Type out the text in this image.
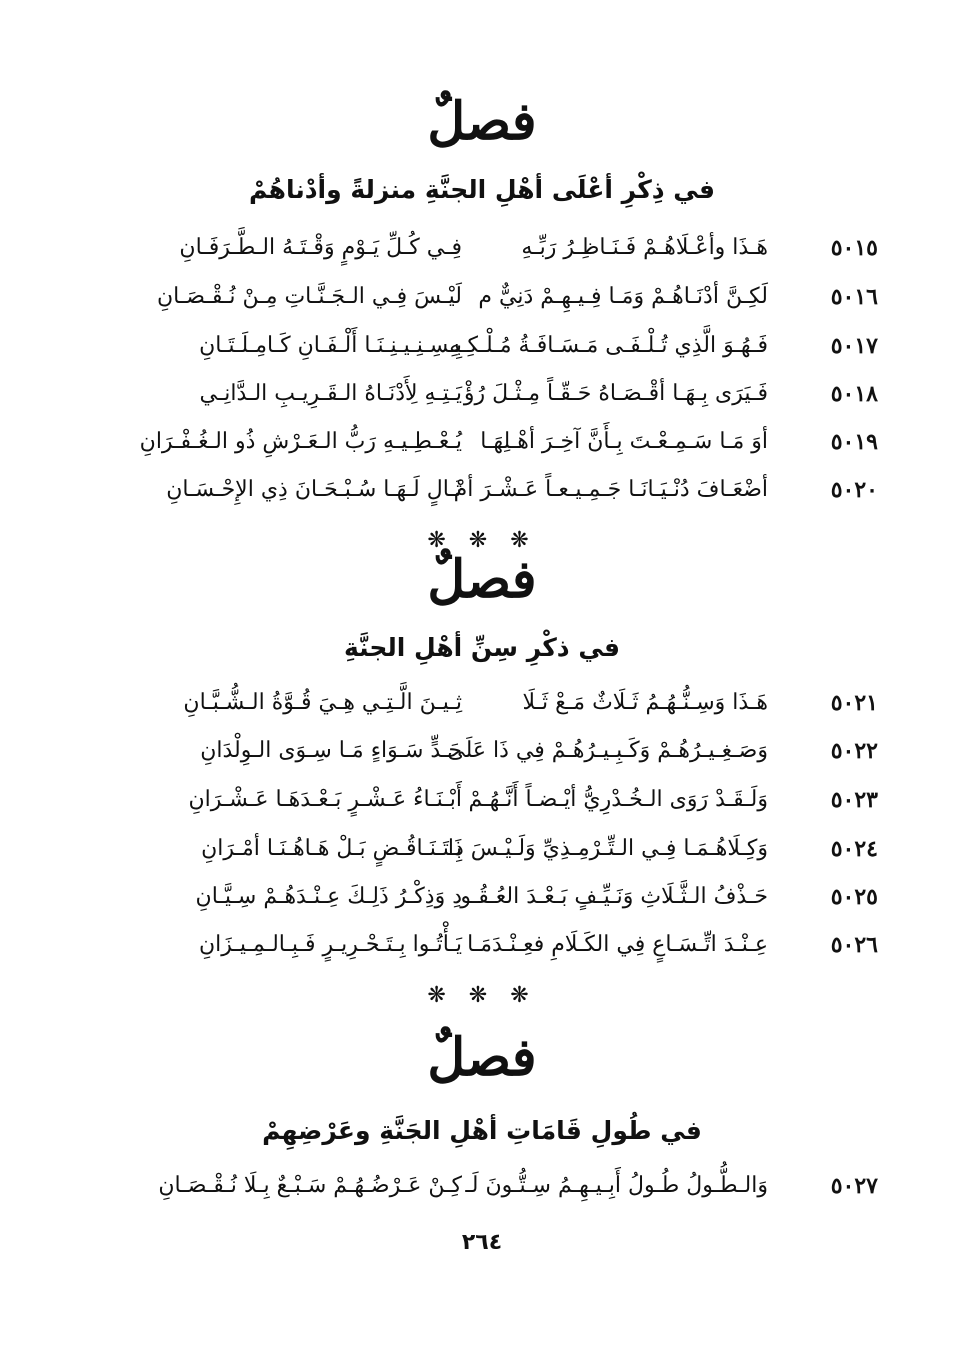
فصلٌ
في ذِكْرِ أعْلَى أهْلِ الجنَّةِ منزلةً وأدْناهُمْ
٥٠١٥
هَـذَا وأعْـلَاهُـمْ فَـنَـاظِـرُ رَبِّـهِ
فِـي كُـلِّ يَـوْمٍ وَقْـتَـهُ الـطَّـرَفَـانِ
٥٠١٦
لَكِـنَّ أدْنَـاهُـمْ وَمَـا فِـيـهِـمْ دَنِيٌّ م
لَيْـسَ فِـي الـجَـنَّـاتِ مِـنْ نُـقْـصَـانِ
٥٠١٧
فَـهُـوَ الَّذِي تُـلْـفَـى مَـسَـافَـةُ مُـلْـكِـهِ
بِـسِـنِـيـنِـنَـا أَلْـفَـانِ كَـامِـلَـتَـانِ
٥٠١٨
فَـيَرَى بِـهَـا أقْـصَـاهُ حَـقّـاً مِـثْـلَ رُؤْ
يَـتِـهِ لِأَدْنَـاهُ الـقَـرِيـبِ الـدَّانِـي
٥٠١٩
أوَ مَـا سَـمِـعْـتَ بِـأَنَّ آخِـرَ أهْـلِهَـا
يُـعْـطِـيـهِ رَبُّ الـعَـرْشِ ذُو الـغُـفْـرَانِ
٥٠٢٠
أضْعَـافَ دُنْـيَـانَـا جَـمِـيـعـاً عَـشْـرَ أمْ
ثَـالٍ لَـهَـا سُـبْـحَـانَ ذِي الإِحْـسَـانِ
❋ ❋ ❋
فصلٌ
في ذكْرِ سِنِّ أهْلِ الجنَّةِ
٥٠٢١
هَـذَا وَسِـنُّـهُـمُ ثَـلَاثٌ مَـعْ ثَـلَا
ثِـيـنَ الَّـتِـي هِـيَ قُـوَّةُ الـشُّـبَّـانِ
٥٠٢٢
وَصَـغِـيـرُهُـمْ وَكَـبِـيـرُهُـمْ فِي ذَا عَلَى
حَـدٍّ سَـوَاءٍ مَـا سِـوَى الـوِلْدَانِ
٥٠٢٣
وَلَـقَـدْ رَوَى الـخُـدْرِيُّ أيْـضـاً أَنَّـهُـمْ
أَبْـنَـاءُ عَـشْـرٍ بَـعْـدَهَـا عَـشْـرَانِ
٥٠٢٤
وَكِـلَاهُـمَـا فِـي الـتِّـرْمِـذِيِّ وَلَـيْـسَ ذَا
بِـتَـنَـاقُـضٍ بَـلْ هَـاهُـنَـا أمْـرَانِ
٥٠٢٥
حَـذْفُ الـثَّـلَاثِ وَنَـيِّـفٍ بَـعْـدَ العُـقُـو
دِ وَذِكْـرُ ذَلِـكَ عِـنْـدَهُـمْ سِـيَّـانِ
٥٠٢٦
عِـنْـدَ اتِّـسَـاعٍ فِي الكَـلَامِ فعِـنْـدَمَـا
يَـأْتُـوا بِـتَـحْـرِيـرٍ فَـبِـالـمِـيـزَانِ
❋ ❋ ❋
فصلٌ
في طُولِ قَامَاتِ أهْلِ الجَنَّةِ وعَرْضِهِمْ
٥٠٢٧
وَالـطُّـولُ طُـولُ أَبِـيـهِـمُ سِـتُّـونَ لَـ
كِـنْ عَـرْضُـهُـمْ سَـبْـعٌ بِـلَا نُـقْـصَـانِ
٢٦٤
